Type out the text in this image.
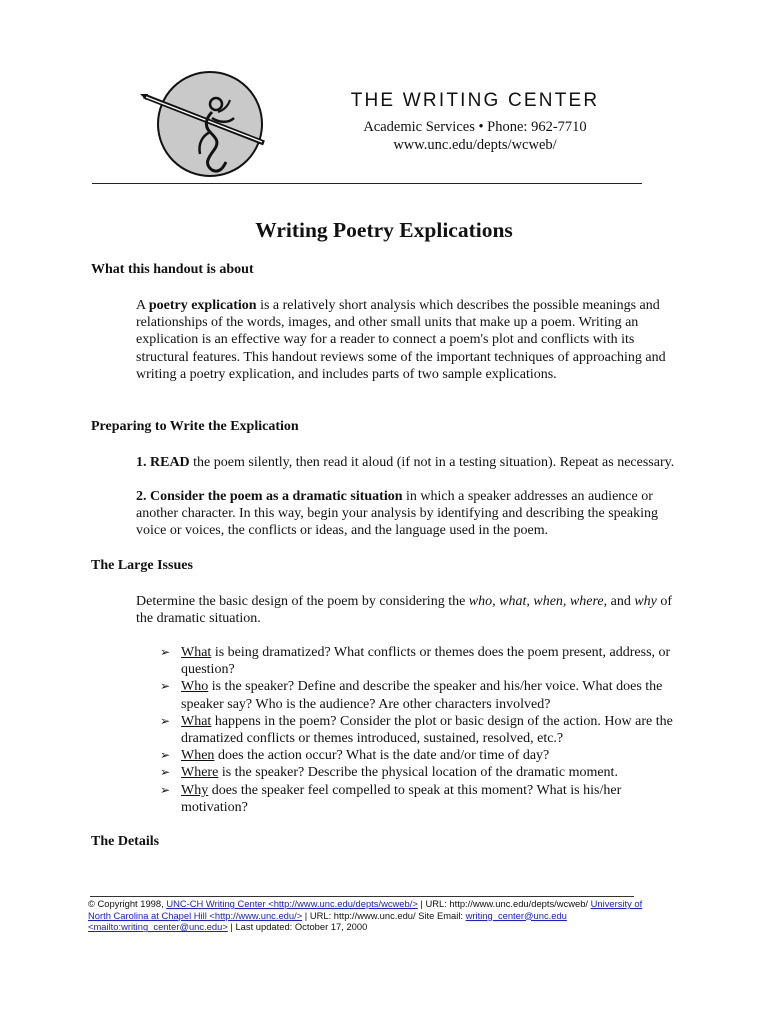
THE WRITING CENTER
Academic Services • Phone: 962-7710
www.unc.edu/depts/wcweb/
Writing Poetry Explications
What this handout is about
A poetry explication is a relatively short analysis which describes the possible meanings and relationships of the words, images, and other small units that make up a poem. Writing an explication is an effective way for a reader to connect a poem's plot and conflicts with its structural features. This handout reviews some of the important techniques of approaching and writing a poetry explication, and includes parts of two sample explications.
Preparing to Write the Explication
1. READ the poem silently, then read it aloud (if not in a testing situation). Repeat as necessary.
2. Consider the poem as a dramatic situation in which a speaker addresses an audience or another character. In this way, begin your analysis by identifying and describing the speaking voice or voices, the conflicts or ideas, and the language used in the poem.
The Large Issues
Determine the basic design of the poem by considering the who, what, when, where, and why of the dramatic situation.
➢ What is being dramatized? What conflicts or themes does the poem present, address, or question?
➢ Who is the speaker? Define and describe the speaker and his/her voice. What does the speaker say? Who is the audience? Are other characters involved?
➢ What happens in the poem? Consider the plot or basic design of the action. How are the dramatized conflicts or themes introduced, sustained, resolved, etc.?
➢ When does the action occur? What is the date and/or time of day?
➢ Where is the speaker? Describe the physical location of the dramatic moment.
➢ Why does the speaker feel compelled to speak at this moment? What is his/her motivation?
The Details
© Copyright 1998, UNC-CH Writing Center <http://www.unc.edu/depts/wcweb/> | URL: http://www.unc.edu/depts/wcweb/ University of North Carolina at Chapel Hill <http://www.unc.edu/> | URL: http://www.unc.edu/ Site Email: writing_center@unc.edu <mailto:writing_center@unc.edu> | Last updated: October 17, 2000
